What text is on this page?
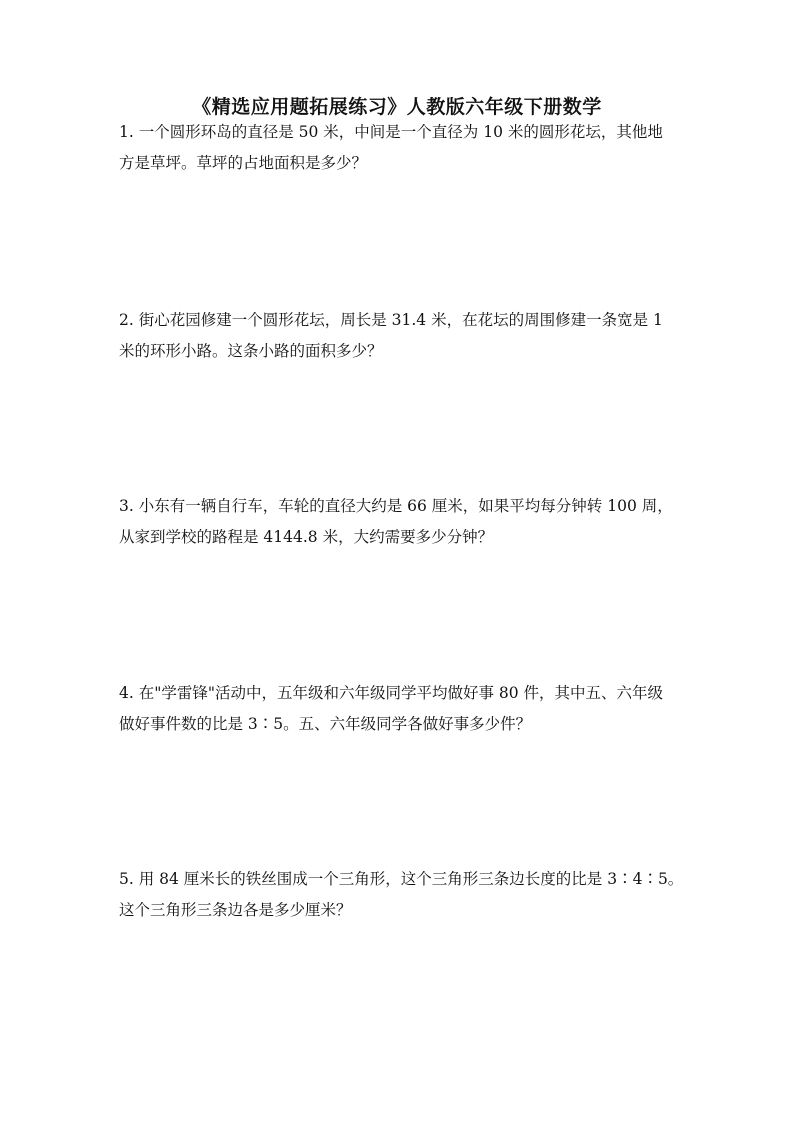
《精选应用题拓展练习》人教版六年级下册数学
1. 一个圆形环岛的直径是 50 米，中间是一个直径为 10 米的圆形花坛，其他地
方是草坪。草坪的占地面积是多少？
2. 街心花园修建一个圆形花坛，周长是 31.4 米，在花坛的周围修建一条宽是 1
米的环形小路。这条小路的面积多少？
3. 小东有一辆自行车，车轮的直径大约是 66 厘米，如果平均每分钟转 100 周，
从家到学校的路程是 4144.8 米，大约需要多少分钟？
4. 在"学雷锋"活动中，五年级和六年级同学平均做好事 80 件，其中五、六年级
做好事件数的比是 3∶5。五、六年级同学各做好事多少件？
5. 用 84 厘米长的铁丝围成一个三角形，这个三角形三条边长度的比是 3∶4∶5。
这个三角形三条边各是多少厘米？
